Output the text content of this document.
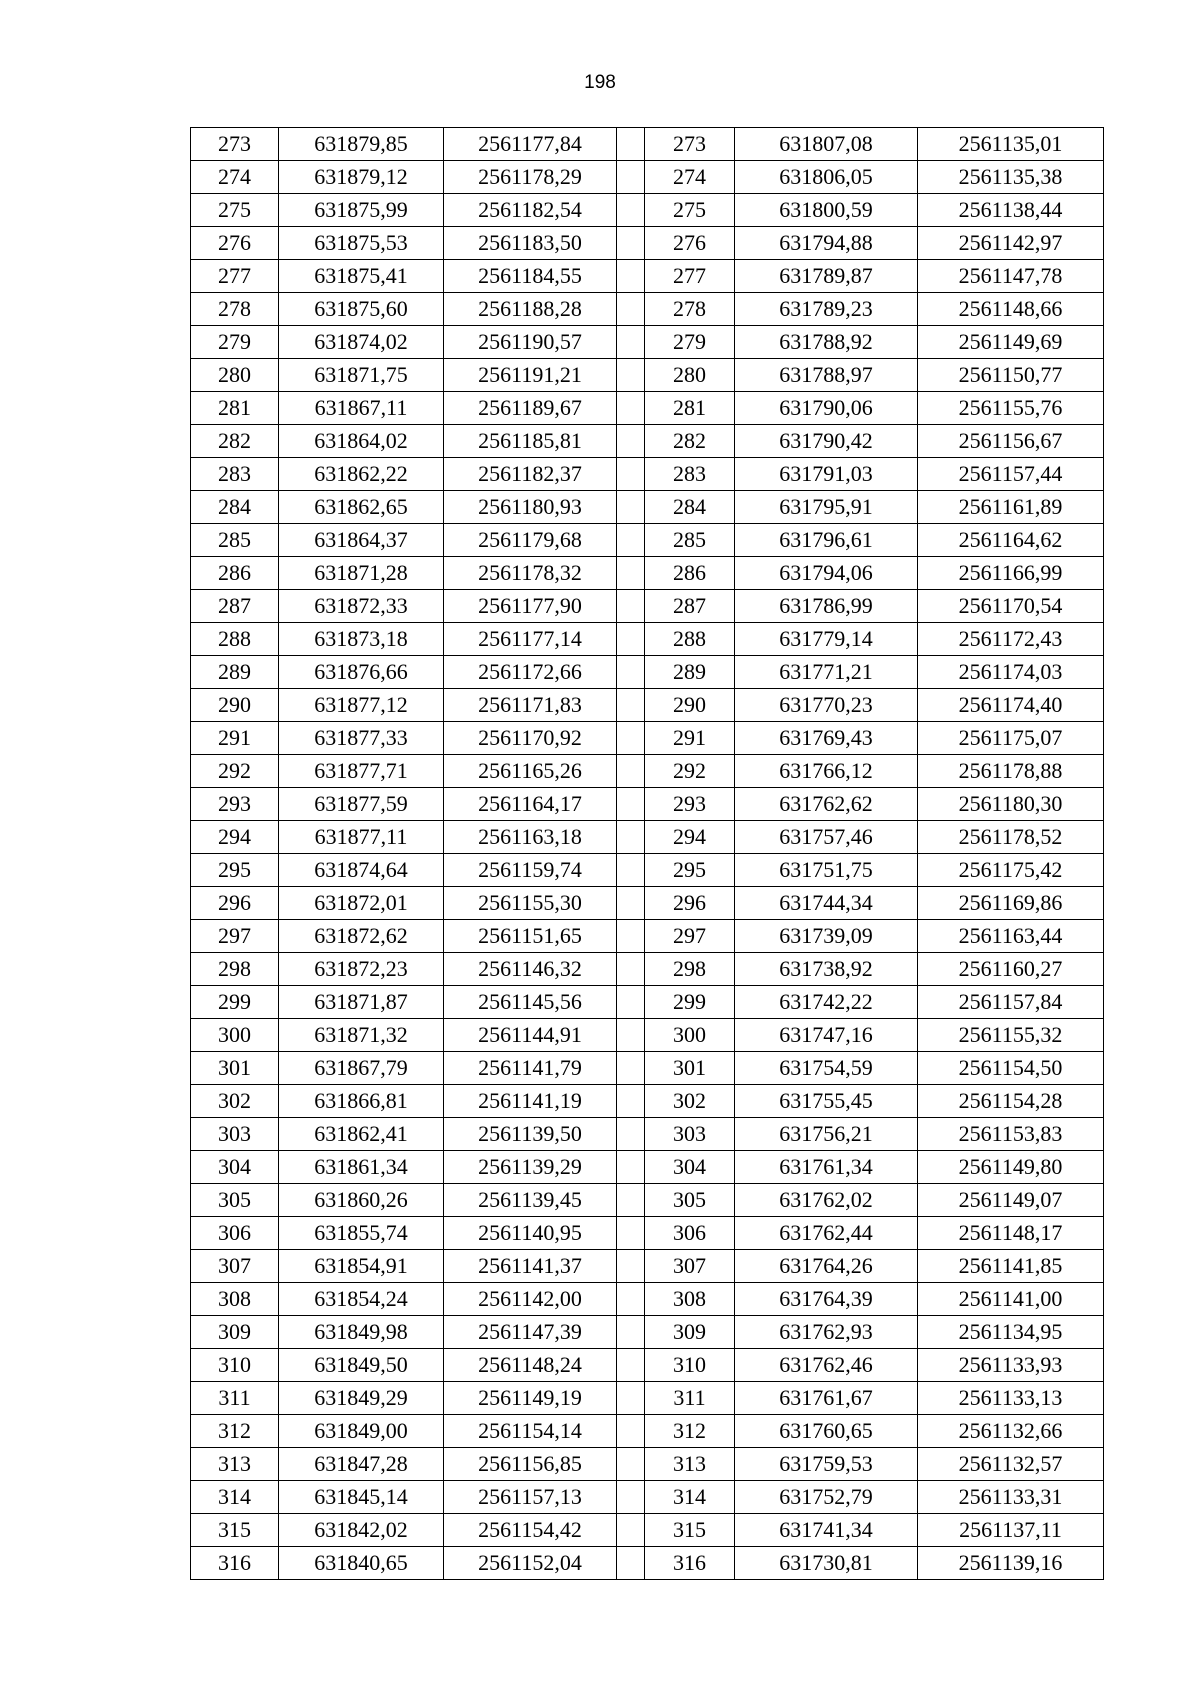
198
273	631879,85	2561177,84		273	631807,08	2561135,01
274	631879,12	2561178,29		274	631806,05	2561135,38
275	631875,99	2561182,54		275	631800,59	2561138,44
276	631875,53	2561183,50		276	631794,88	2561142,97
277	631875,41	2561184,55		277	631789,87	2561147,78
278	631875,60	2561188,28		278	631789,23	2561148,66
279	631874,02	2561190,57		279	631788,92	2561149,69
280	631871,75	2561191,21		280	631788,97	2561150,77
281	631867,11	2561189,67		281	631790,06	2561155,76
282	631864,02	2561185,81		282	631790,42	2561156,67
283	631862,22	2561182,37		283	631791,03	2561157,44
284	631862,65	2561180,93		284	631795,91	2561161,89
285	631864,37	2561179,68		285	631796,61	2561164,62
286	631871,28	2561178,32		286	631794,06	2561166,99
287	631872,33	2561177,90		287	631786,99	2561170,54
288	631873,18	2561177,14		288	631779,14	2561172,43
289	631876,66	2561172,66		289	631771,21	2561174,03
290	631877,12	2561171,83		290	631770,23	2561174,40
291	631877,33	2561170,92		291	631769,43	2561175,07
292	631877,71	2561165,26		292	631766,12	2561178,88
293	631877,59	2561164,17		293	631762,62	2561180,30
294	631877,11	2561163,18		294	631757,46	2561178,52
295	631874,64	2561159,74		295	631751,75	2561175,42
296	631872,01	2561155,30		296	631744,34	2561169,86
297	631872,62	2561151,65		297	631739,09	2561163,44
298	631872,23	2561146,32		298	631738,92	2561160,27
299	631871,87	2561145,56		299	631742,22	2561157,84
300	631871,32	2561144,91		300	631747,16	2561155,32
301	631867,79	2561141,79		301	631754,59	2561154,50
302	631866,81	2561141,19		302	631755,45	2561154,28
303	631862,41	2561139,50		303	631756,21	2561153,83
304	631861,34	2561139,29		304	631761,34	2561149,80
305	631860,26	2561139,45		305	631762,02	2561149,07
306	631855,74	2561140,95		306	631762,44	2561148,17
307	631854,91	2561141,37		307	631764,26	2561141,85
308	631854,24	2561142,00		308	631764,39	2561141,00
309	631849,98	2561147,39		309	631762,93	2561134,95
310	631849,50	2561148,24		310	631762,46	2561133,93
311	631849,29	2561149,19		311	631761,67	2561133,13
312	631849,00	2561154,14		312	631760,65	2561132,66
313	631847,28	2561156,85		313	631759,53	2561132,57
314	631845,14	2561157,13		314	631752,79	2561133,31
315	631842,02	2561154,42		315	631741,34	2561137,11
316	631840,65	2561152,04		316	631730,81	2561139,16
